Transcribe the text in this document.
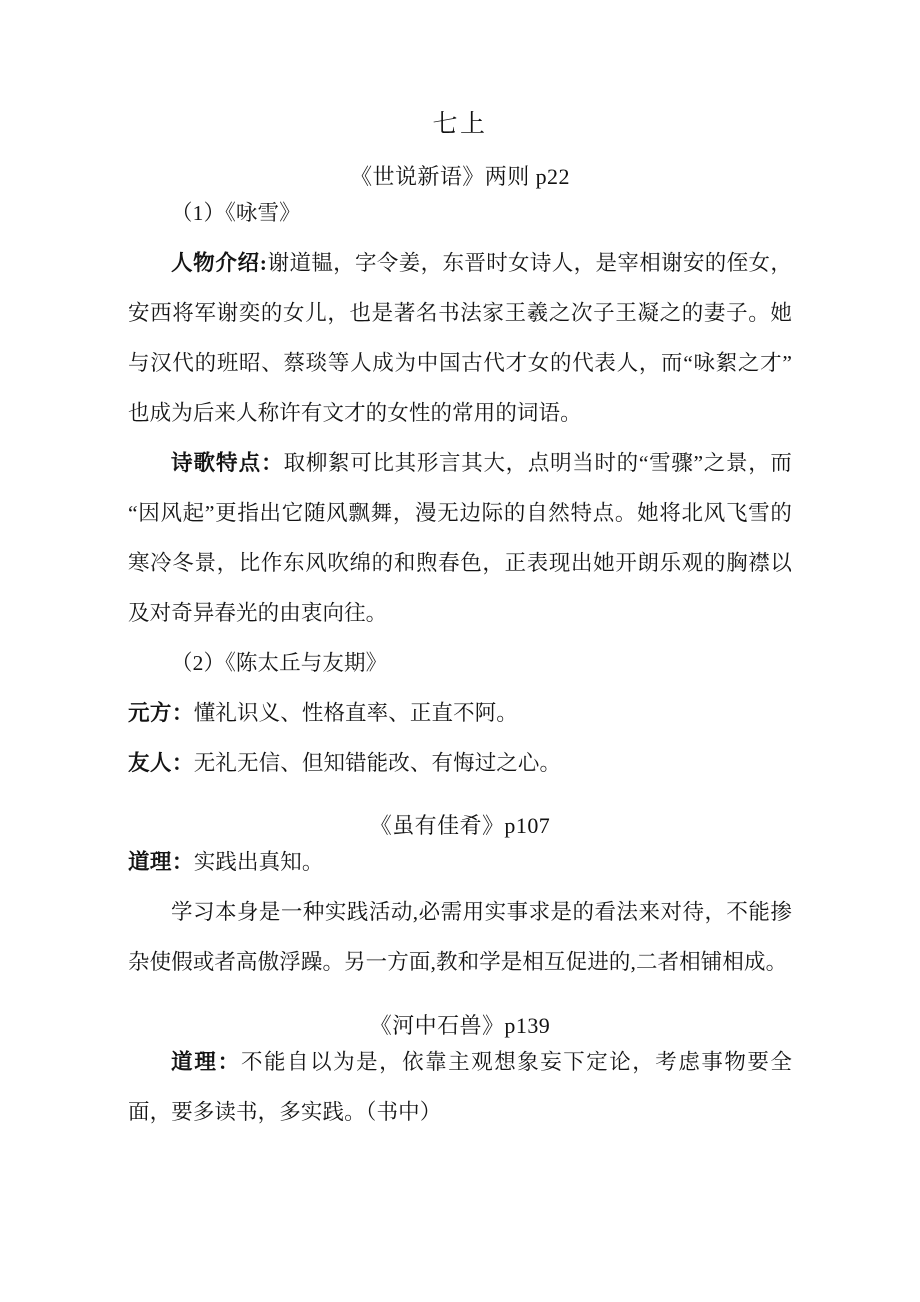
七上
《世说新语》两则 p22

（1）《咏雪》

人物介绍:谢道韫，字令姜，东晋时女诗人，是宰相谢安的侄女，安西将军谢奕的女儿，也是著名书法家王羲之次子王凝之的妻子。她与汉代的班昭、蔡琰等人成为中国古代才女的代表人，而“咏絮之才”也成为后来人称许有文才的女性的常用的词语。

诗歌特点：取柳絮可比其形言其大，点明当时的“雪骤”之景，而“因风起”更指出它随风飘舞，漫无边际的自然特点。她将北风飞雪的寒冷冬景，比作东风吹绵的和煦春色，正表现出她开朗乐观的胸襟以及对奇异春光的由衷向往。

（2）《陈太丘与友期》

元方：懂礼识义、性格直率、正直不阿。

友人：无礼无信、但知错能改、有悔过之心。

《虽有佳肴》p107

道理：实践出真知。

学习本身是一种实践活动,必需用实事求是的看法来对待，不能掺杂使假或者高傲浮躁。另一方面,教和学是相互促进的,二者相铺相成。

《河中石兽》p139

道理：不能自以为是，依靠主观想象妄下定论，考虑事物要全面，要多读书，多实践。（书中）
